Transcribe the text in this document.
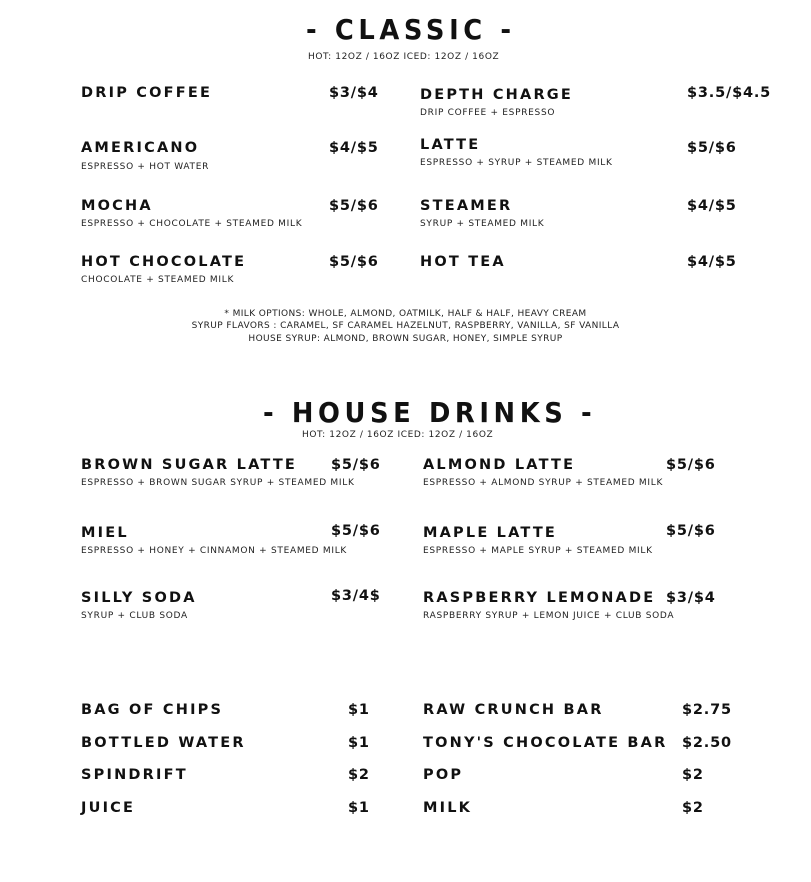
- CLASSIC -
HOT: 12OZ / 16OZ ICED: 12OZ / 16OZ
DRIP COFFEE	$3/$4
AMERICANO	$4/$5
ESPRESSO + HOT WATER
MOCHA	$5/$6
ESPRESSO + CHOCOLATE + STEAMED MILK
HOT CHOCOLATE	$5/$6
CHOCOLATE + STEAMED MILK
DEPTH CHARGE	$3.5/$4.5
DRIP COFFEE + ESPRESSO
LATTE	$5/$6
ESPRESSO + SYRUP + STEAMED MILK
STEAMER	$4/$5
SYRUP + STEAMED MILK
HOT TEA	$4/$5
* MILK OPTIONS: WHOLE, ALMOND, OATMILK, HALF & HALF, HEAVY CREAM
SYRUP FLAVORS : CARAMEL, SF CARAMEL HAZELNUT, RASPBERRY, VANILLA, SF VANILLA
HOUSE SYRUP: ALMOND, BROWN SUGAR, HONEY, SIMPLE SYRUP
- HOUSE DRINKS -
HOT: 12OZ / 16OZ ICED: 12OZ / 16OZ
BROWN SUGAR LATTE $5/$6
ESPRESSO + BROWN SUGAR SYRUP + STEAMED MILK
MIEL	$5/$6
ESPRESSO + HONEY + CINNAMON + STEAMED MILK
SILLY SODA	$3/4$
SYRUP + CLUB SODA
ALMOND LATTE	$5/$6
ESPRESSO + ALMOND SYRUP + STEAMED MILK
MAPLE LATTE	$5/$6
ESPRESSO + MAPLE SYRUP + STEAMED MILK
RASPBERRY LEMONADE $3/$4
RASPBERRY SYRUP + LEMON JUICE + CLUB SODA
BAG OF CHIPS	$1	RAW CRUNCH BAR	$2.75
BOTTLED WATER	$1	TONY'S CHOCOLATE BAR $2.50
SPINDRIFT	$2	POP	$2
JUICE	$1	MILK	$2
